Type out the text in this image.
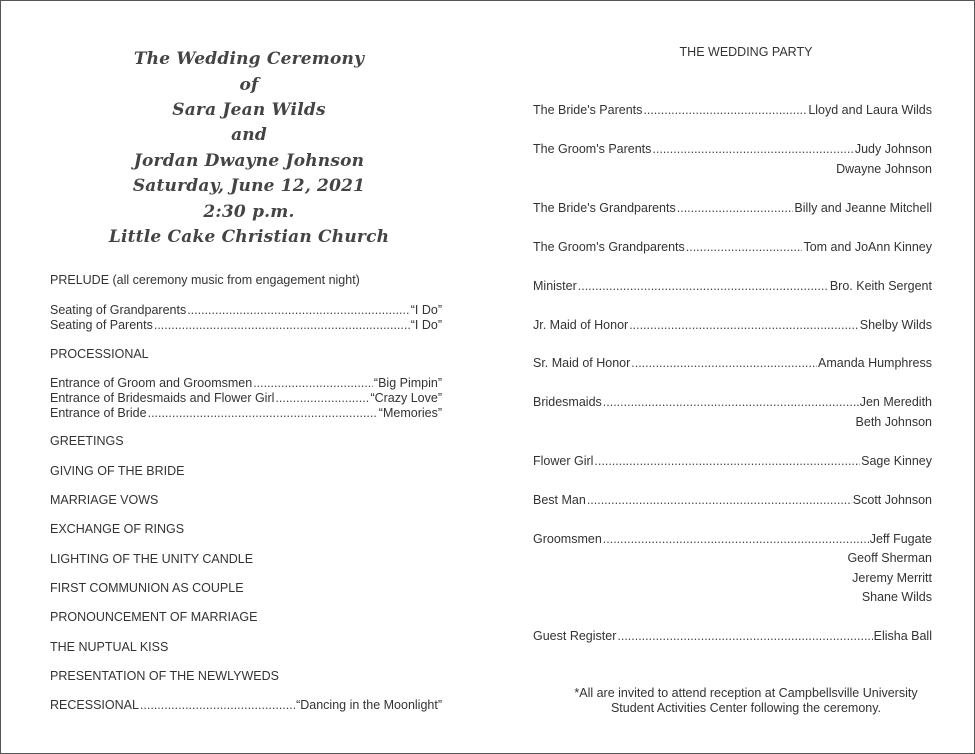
The Wedding Ceremony
of
Sara Jean Wilds
and
Jordan Dwayne Johnson
Saturday, June 12, 2021
2:30 p.m.
Little Cake Christian Church
PRELUDE (all ceremony music from engagement night)
Seating of Grandparents .....	“I Do”
Seating of Parents .....	“I Do”
PROCESSIONAL
Entrance of Groom and Groomsmen .....	“Big Pimpin”
Entrance of Bridesmaids and Flower Girl .....	“Crazy Love”
Entrance of Bride .....	“Memories”
GREETINGS
GIVING OF THE BRIDE
MARRIAGE VOWS
EXCHANGE OF RINGS
LIGHTING OF THE UNITY CANDLE
FIRST COMMUNION AS COUPLE
PRONOUNCEMENT OF MARRIAGE
THE NUPTUAL KISS
PRESENTATION OF THE NEWLYWEDS
RECESSIONAL .....	“Dancing in the Moonlight”
THE WEDDING PARTY
The Bride's Parents .....	Lloyd and Laura Wilds
The Groom's Parents .....	Judy Johnson
Dwayne Johnson
The Bride's Grandparents .....	Billy and Jeanne Mitchell
The Groom's Grandparents .....	Tom and JoAnn Kinney
Minister .....	Bro. Keith Sergent
Jr. Maid of Honor .....	Shelby Wilds
Sr. Maid of Honor .....	Amanda Humphress
Bridesmaids .....	Jen Meredith
Beth Johnson
Flower Girl .....	Sage Kinney
Best Man .....	Scott Johnson
Groomsmen .....	Jeff Fugate
Geoff Sherman
Jeremy Merritt
Shane Wilds
Guest Register .....	Elisha Ball
*All are invited to attend reception at Campbellsville University
Student Activities Center following the ceremony.
